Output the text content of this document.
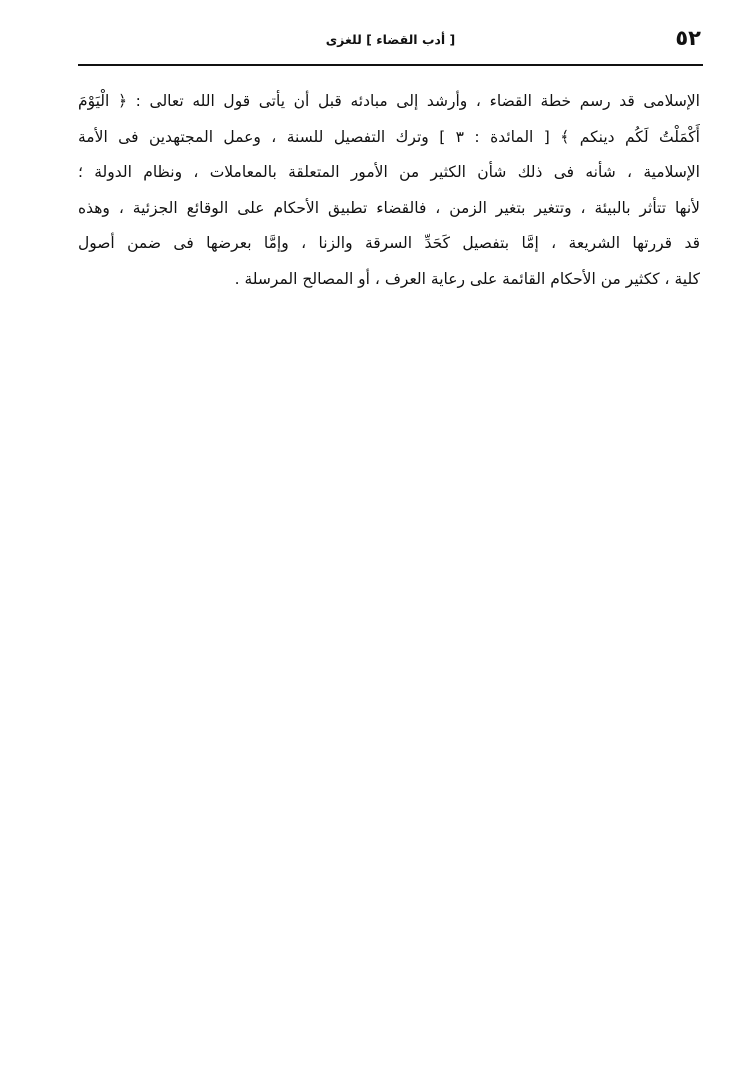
٥٢
[ أدب القضاء ] للغزى
الإسلامى قد رسم خطة القضاء ، وأرشد إلى مبادئه قبل أن يأتى قول الله تعالى : ﴿ الْيَوْمَ
أَكْمَلْتُ لَكُم دينكم ﴾ [ المائدة : ٣ ] وترك التفصيل للسنة ، وعمل المجتهدين فى الأمة
الإسلامية ، شأنه فى ذلك شأن الكثير من الأمور المتعلقة بالمعاملات ، ونظام الدولة ؛
لأنها تتأثر بالبيئة ، وتتغير بتغير الزمن ، فالقضاء تطبيق الأحكام على الوقائع الجزئية ، وهذه
قد قررتها الشريعة ، إمَّا بتفصيل كَحَدِّ السرقة والزنا ، وإمَّا بعرضها فى ضمن أصول
كلية ، ككثير من الأحكام القائمة على رعاية العرف ، أو المصالح المرسلة .
